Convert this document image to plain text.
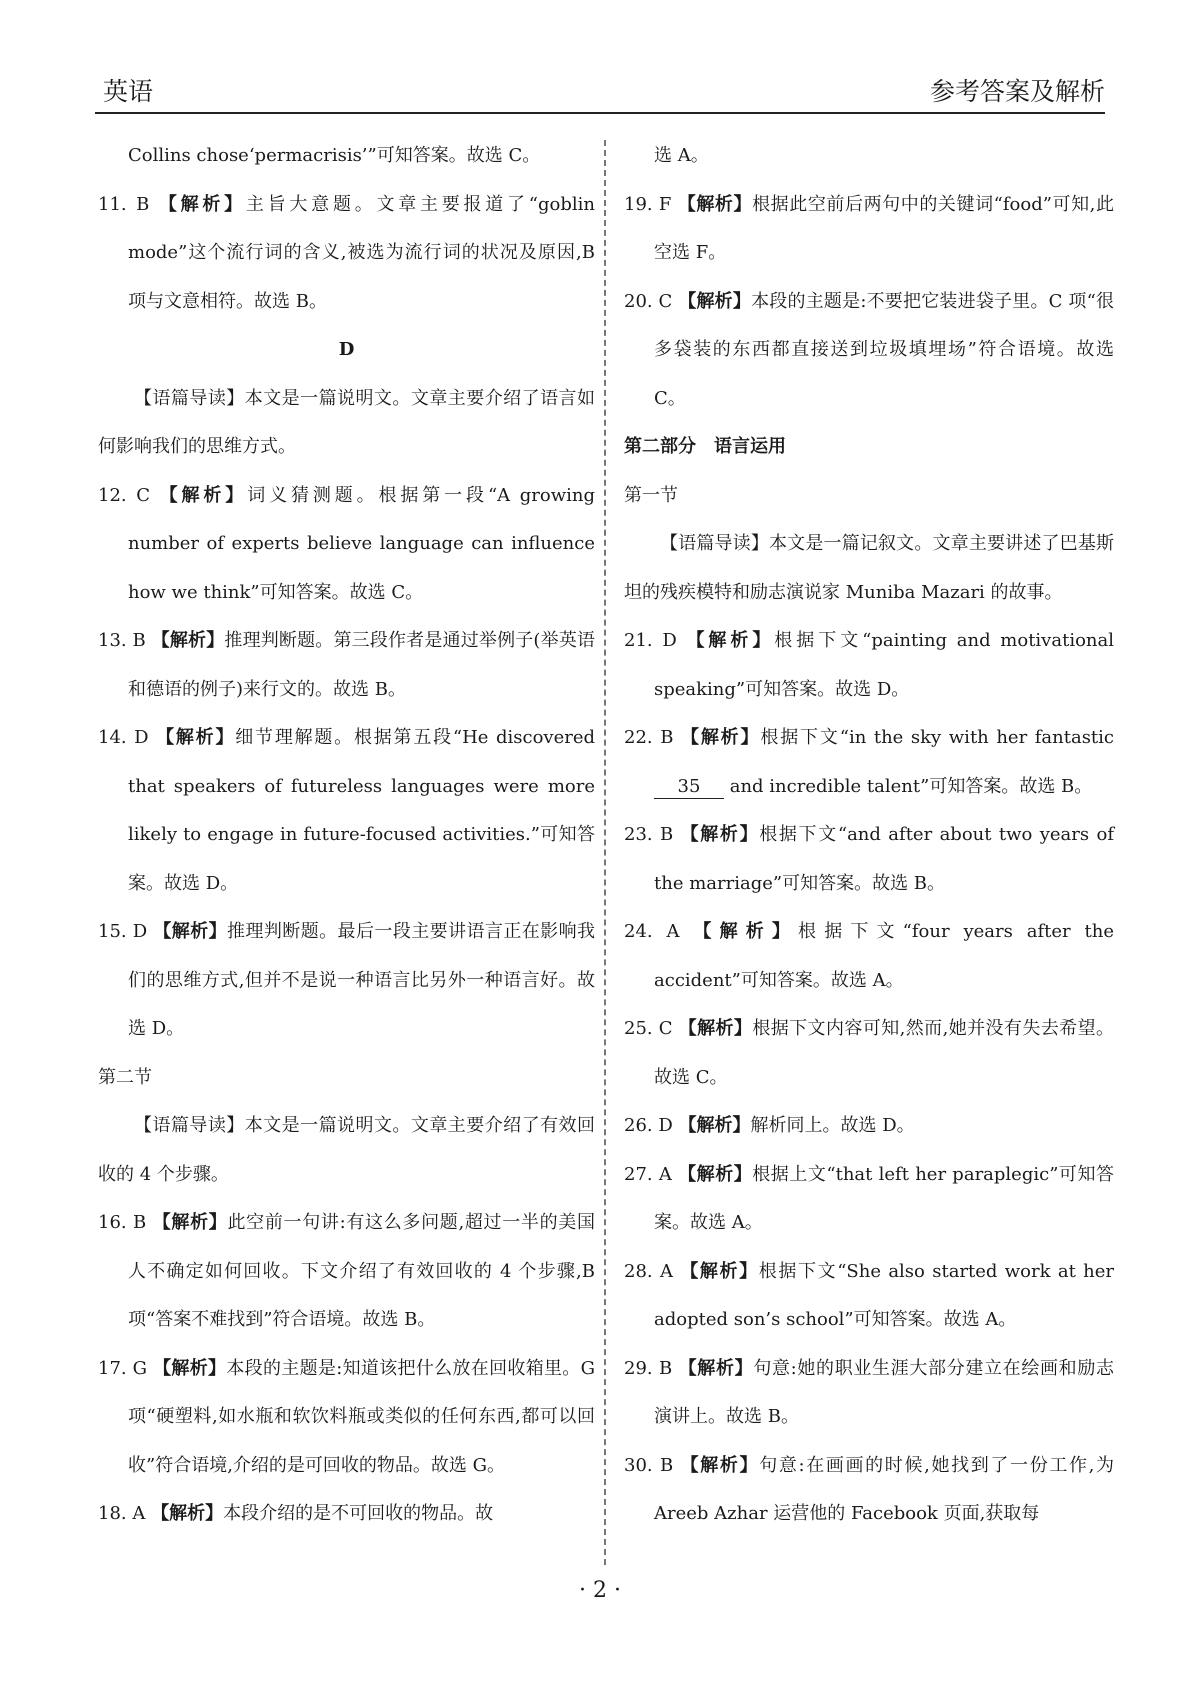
英语	参考答案及解析
Collins chose‘permacrisis’”可知答案。故选 C。
11. B 【解析】主旨大意题。文章主要报道了“goblin mode”这个流行词的含义,被选为流行词的状况及原因,B 项与文意相符。故选 B。
D
【语篇导读】本文是一篇说明文。文章主要介绍了语言如何影响我们的思维方式。
12. C 【解析】词义猜测题。根据第一段“A growing number of experts believe language can influence how we think”可知答案。故选 C。
13. B 【解析】推理判断题。第三段作者是通过举例子(举英语和德语的例子)来行文的。故选 B。
14. D 【解析】细节理解题。根据第五段“He discovered that speakers of futureless languages were more likely to engage in future-focused activities.”可知答案。故选 D。
15. D 【解析】推理判断题。最后一段主要讲语言正在影响我们的思维方式,但并不是说一种语言比另外一种语言好。故选 D。
第二节
【语篇导读】本文是一篇说明文。文章主要介绍了有效回收的 4 个步骤。
16. B 【解析】此空前一句讲:有这么多问题,超过一半的美国人不确定如何回收。下文介绍了有效回收的 4 个步骤,B 项“答案不难找到”符合语境。故选 B。
17. G 【解析】本段的主题是:知道该把什么放在回收箱里。G 项“硬塑料,如水瓶和软饮料瓶或类似的任何东西,都可以回收”符合语境,介绍的是可回收的物品。故选 G。
18. A 【解析】本段介绍的是不可回收的物品。故
选 A。
19. F 【解析】根据此空前后两句中的关键词“food”可知,此空选 F。
20. C 【解析】本段的主题是:不要把它装进袋子里。C 项“很多袋装的东西都直接送到垃圾填埋场”符合语境。故选 C。
第二部分　语言运用
第一节
【语篇导读】本文是一篇记叙文。文章主要讲述了巴基斯坦的残疾模特和励志演说家 Muniba Mazari 的故事。
21. D 【解析】根据下文“painting and motivational speaking”可知答案。故选 D。
22. B 【解析】根据下文“in the sky with her fantastic 35 and incredible talent”可知答案。故选 B。
23. B 【解析】根据下文“and after about two years of the marriage”可知答案。故选 B。
24. A 【解析】根据下文“four years after the accident”可知答案。故选 A。
25. C 【解析】根据下文内容可知,然而,她并没有失去希望。故选 C。
26. D 【解析】解析同上。故选 D。
27. A 【解析】根据上文“that left her paraplegic”可知答案。故选 A。
28. A 【解析】根据下文“She also started work at her adopted son’s school”可知答案。故选 A。
29. B 【解析】句意:她的职业生涯大部分建立在绘画和励志演讲上。故选 B。
30. B 【解析】句意:在画画的时候,她找到了一份工作,为 Areeb Azhar 运营他的 Facebook 页面,获取每
· 2 ·
